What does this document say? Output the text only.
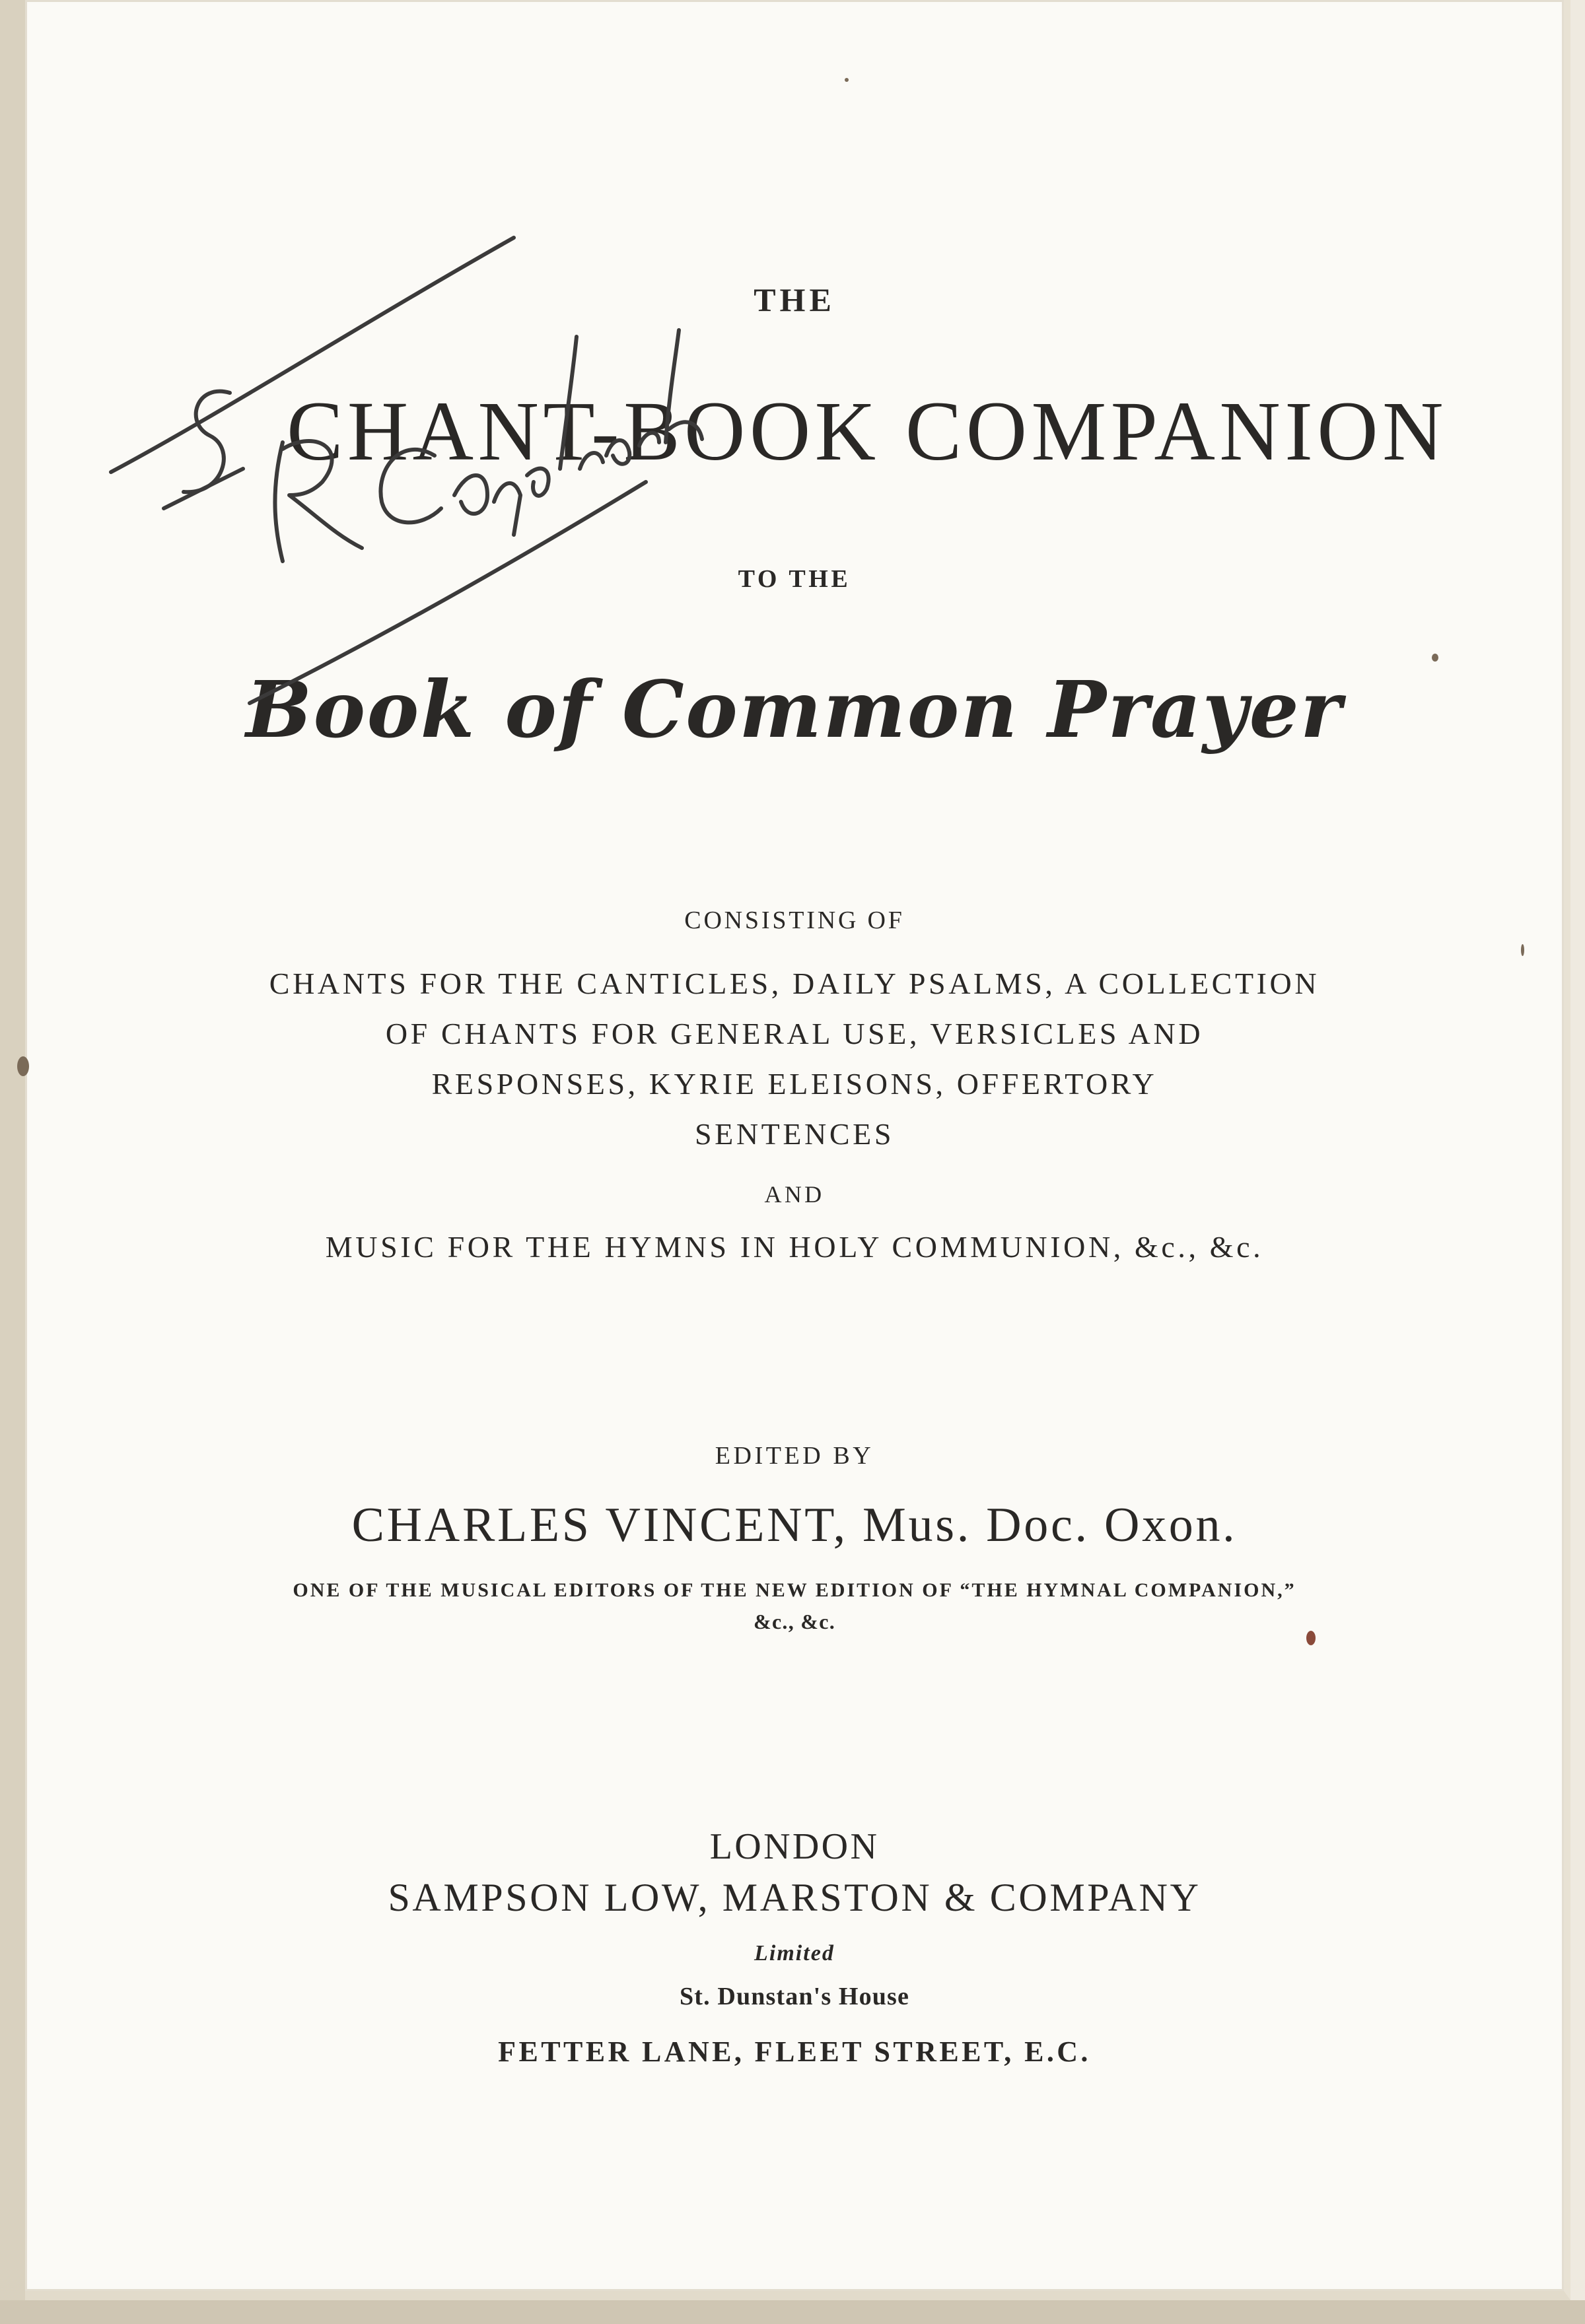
THE
CHANT-BOOK COMPANION
TO THE
Book of Common Prayer
CONSISTING OF
CHANTS FOR THE CANTICLES, DAILY PSALMS, A COLLECTION
OF CHANTS FOR GENERAL USE, VERSICLES AND
RESPONSES, KYRIE ELEISONS, OFFERTORY
SENTENCES
AND
MUSIC FOR THE HYMNS IN HOLY COMMUNION, &c., &c.
EDITED BY
CHARLES VINCENT, Mus. Doc. Oxon.
ONE OF THE MUSICAL EDITORS OF THE NEW EDITION OF “THE HYMNAL COMPANION,”
&c., &c.
LONDON
SAMPSON LOW, MARSTON & COMPANY
Limited
St. Dunstan's House
FETTER LANE, FLEET STREET, E.C.
